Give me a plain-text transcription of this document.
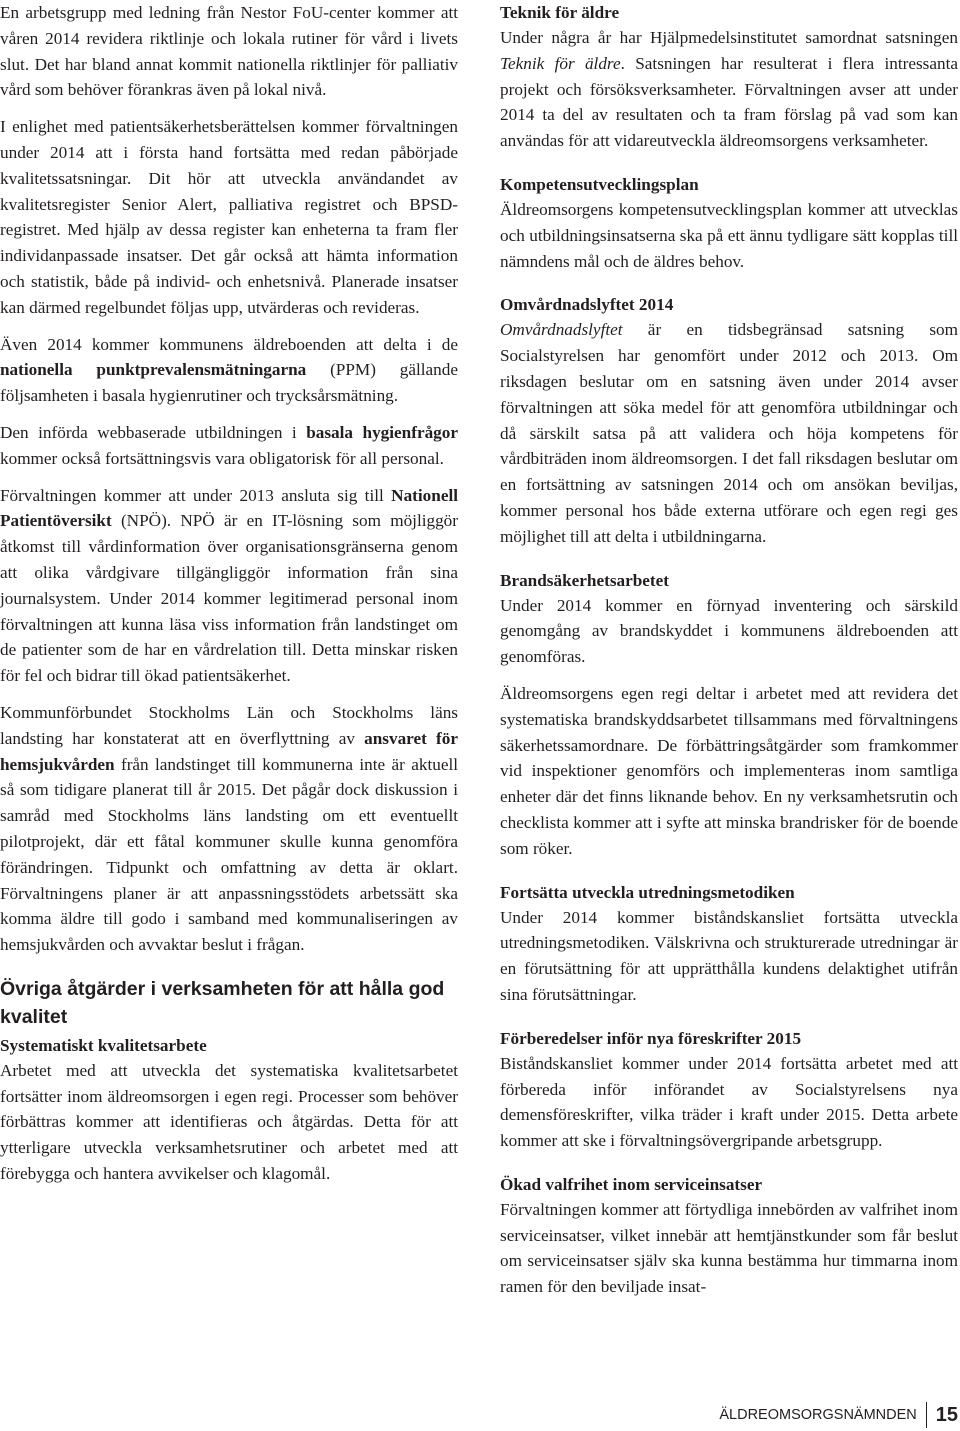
En arbetsgrupp med ledning från Nestor FoU-center kommer att våren 2014 revidera riktlinje och lokala rutiner för vård i livets slut. Det har bland annat kommit nationella riktlinjer för palliativ vård som behöver förankras även på lokal nivå.

I enlighet med patientsäkerhetsberättelsen kommer förvaltningen under 2014 att i första hand fortsätta med redan påbörjade kvalitetssatsningar. Dit hör att utveckla användandet av kvalitetsregister Senior Alert, palliativa registret och BPSD-registret. Med hjälp av dessa register kan enheterna ta fram fler individanpassade insatser. Det går också att hämta information och statistik, både på individ- och enhetsnivå. Planerade insatser kan därmed regelbundet följas upp, utvärderas och revideras.

Även 2014 kommer kommunens äldreboenden att delta i de nationella punktprevalensmätningarna (PPM) gällande följsamheten i basala hygienrutiner och trycksårsmätning.

Den införda webbaserade utbildningen i basala hygienfrågor kommer också fortsättningsvis vara obligatorisk för all personal.

Förvaltningen kommer att under 2013 ansluta sig till Nationell Patientöversikt (NPÖ). NPÖ är en IT-lösning som möjliggör åtkomst till vårdinformation över organisationsgränserna genom att olika vårdgivare tillgängliggör information från sina journalsystem. Under 2014 kommer legitimerad personal inom förvaltningen att kunna läsa viss information från landstinget om de patienter som de har en vårdrelation till. Detta minskar risken för fel och bidrar till ökad patientsäkerhet.

Kommunförbundet Stockholms Län och Stockholms läns landsting har konstaterat att en överflyttning av ansvaret för hemsjukvården från landstinget till kommunerna inte är aktuell så som tidigare planerat till år 2015. Det pågår dock diskussion i samråd med Stockholms läns landsting om ett eventuellt pilotprojekt, där ett fåtal kommuner skulle kunna genomföra förändringen. Tidpunkt och omfattning av detta är oklart. Förvaltningens planer är att anpassningsstödets arbetssätt ska komma äldre till godo i samband med kommunaliseringen av hemsjukvården och avvaktar beslut i frågan.

Övriga åtgärder i verksamheten för att hålla god kvalitet
Systematiskt kvalitetsarbete

Arbetet med att utveckla det systematiska kvalitetsarbetet fortsätter inom äldreomsorgen i egen regi. Processer som behöver förbättras kommer att identifieras och åtgärdas. Detta för att ytterligare utveckla verksamhetsrutiner och arbetet med att förebygga och hantera avvikelser och klagomål.

Teknik för äldre

Under några år har Hjälpmedelsinstitutet samordnat satsningen Teknik för äldre. Satsningen har resulterat i flera intressanta projekt och försöksverksamheter. Förvaltningen avser att under 2014 ta del av resultaten och ta fram förslag på vad som kan användas för att vidareutveckla äldreomsorgens verksamheter.

Kompetensutvecklingsplan

Äldreomsorgens kompetensutvecklingsplan kommer att utvecklas och utbildningsinsatserna ska på ett ännu tydligare sätt kopplas till nämndens mål och de äldres behov.

Omvårdnadslyftet 2014

Omvårdnadslyftet är en tidsbegränsad satsning som Socialstyrelsen har genomfört under 2012 och 2013. Om riksdagen beslutar om en satsning även under 2014 avser förvaltningen att söka medel för att genomföra utbildningar och då särskilt satsa på att validera och höja kompetens för vårdbiträden inom äldreomsorgen. I det fall riksdagen beslutar om en fortsättning av satsningen 2014 och om ansökan beviljas, kommer personal hos både externa utförare och egen regi ges möjlighet till att delta i utbildningarna.

Brandsäkerhetsarbetet

Under 2014 kommer en förnyad inventering och särskild genomgång av brandskyddet i kommunens äldreboenden att genomföras.

Äldreomsorgens egen regi deltar i arbetet med att revidera det systematiska brandskyddsarbetet tillsammans med förvaltningens säkerhetssamordnare. De förbättringsåtgärder som framkommer vid inspektioner genomförs och implementeras inom samtliga enheter där det finns liknande behov. En ny verksamhetsrutin och checklista kommer att i syfte att minska brandrisker för de boende som röker.

Fortsätta utveckla utredningsmetodiken

Under 2014 kommer biståndskansliet fortsätta utveckla utredningsmetodiken. Välskrivna och strukturerade utredningar är en förutsättning för att upprätthålla kundens delaktighet utifrån sina förutsättningar.

Förberedelser inför nya föreskrifter 2015

Biståndskansliet kommer under 2014 fortsätta arbetet med att förbereda inför införandet av Socialstyrelsens nya demensföreskrifter, vilka träder i kraft under 2015. Detta arbete kommer att ske i förvaltningsövergripande arbetsgrupp.

Ökad valfrihet inom serviceinsatser

Förvaltningen kommer att förtydliga innebörden av valfrihet inom serviceinsatser, vilket innebär att hemtjänstkunder som får beslut om serviceinsatser själv ska kunna bestämma hur timmarna inom ramen för den beviljade insat-

ÄLDREOMSORGSNÄMNDEN 15
